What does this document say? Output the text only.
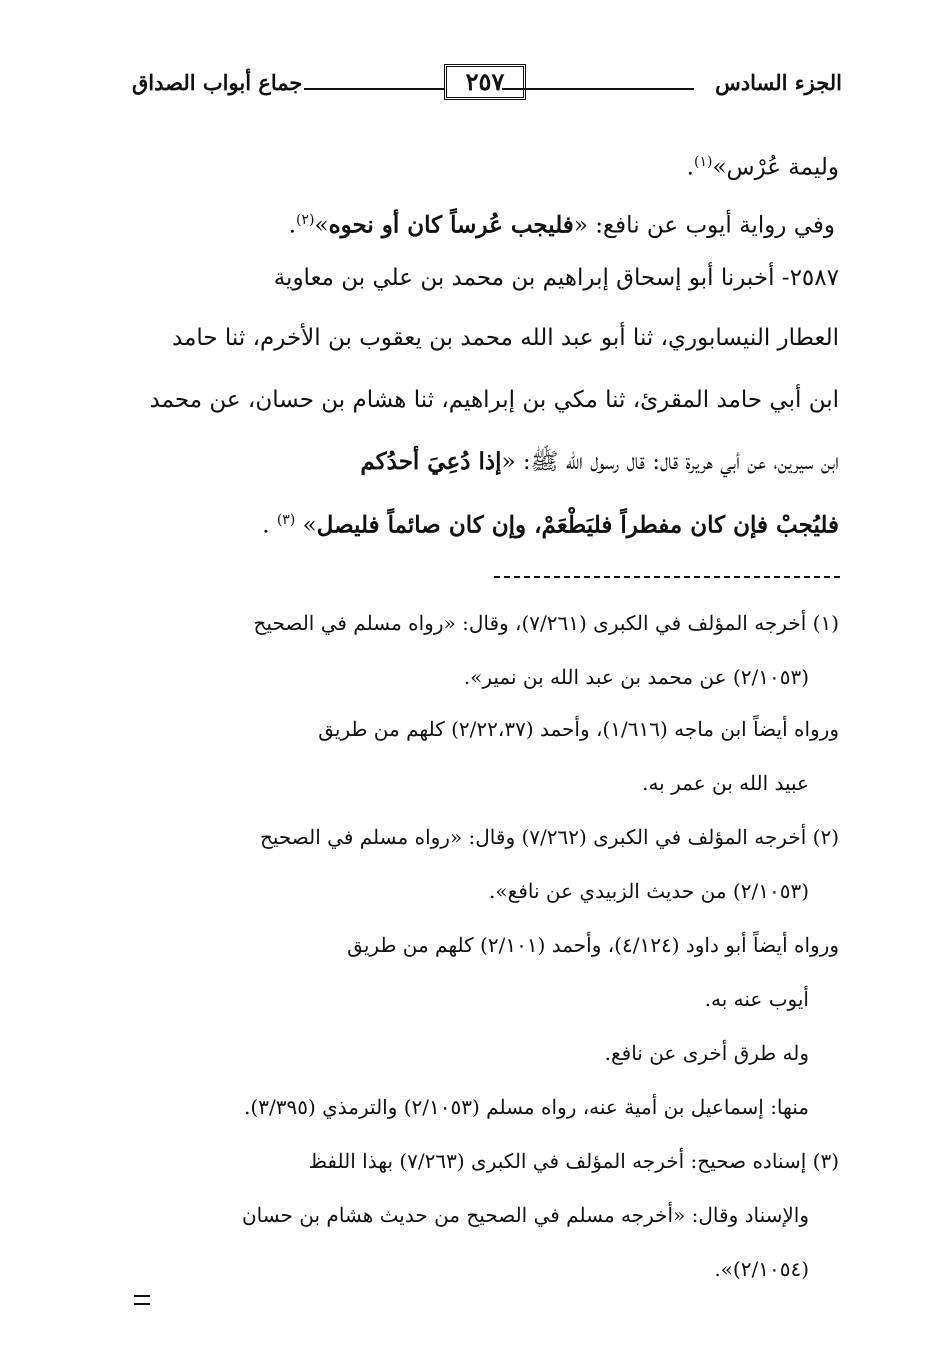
الجزء السادس
٢٥٧
جماع أبواب الصداق
وليمة عُرْس»$^{(١)}$.
وفي رواية أيوب عن نافع: «فليجب عُرساً كان أو نحوه»$^{(٢)}$.
٢٥٨٧- أخبرنا أبو إسحاق إبراهيم بن محمد بن علي بن معاوية
العطار النيسابوري، ثنا أبو عبد الله محمد بن يعقوب بن الأخرم، ثنا حامد
ابن أبي حامد المقرئ، ثنا مكي بن إبراهيم، ثنا هشام بن حسان، عن محمد
ابن سيرين، عن أبي هريرة قال: قال رسول الله ﷺ: «إذا دُعِيَ أحدُكم
فليُجبْ فإن كان مفطراً فليَطْعَمْ، وإن كان صائماً فليصل» $^{(٣)}$ .
(١) أخرجه المؤلف في الكبرى (٧/٢٦١)، وقال: «رواه مسلم في الصحيح
(٢/١٠٥٣) عن محمد بن عبد الله بن نمير».
ورواه أيضاً ابن ماجه (١/٦١٦)، وأحمد (٢/٢٢،٣٧) كلهم من طريق
عبيد الله بن عمر به.
(٢) أخرجه المؤلف في الكبرى (٧/٢٦٢) وقال: «رواه مسلم في الصحيح
(٢/١٠٥٣) من حديث الزبيدي عن نافع».
ورواه أيضاً أبو داود (٤/١٢٤)، وأحمد (٢/١٠١) كلهم من طريق
أيوب عنه به.
وله طرق أخرى عن نافع.
منها: إسماعيل بن أمية عنه، رواه مسلم (٢/١٠٥٣) والترمذي (٣/٣٩٥).
(٣) إسناده صحيح: أخرجه المؤلف في الكبرى (٧/٢٦٣) بهذا اللفظ
والإسناد وقال: «أخرجه مسلم في الصحيح من حديث هشام بن حسان
(٢/١٠٥٤)».
